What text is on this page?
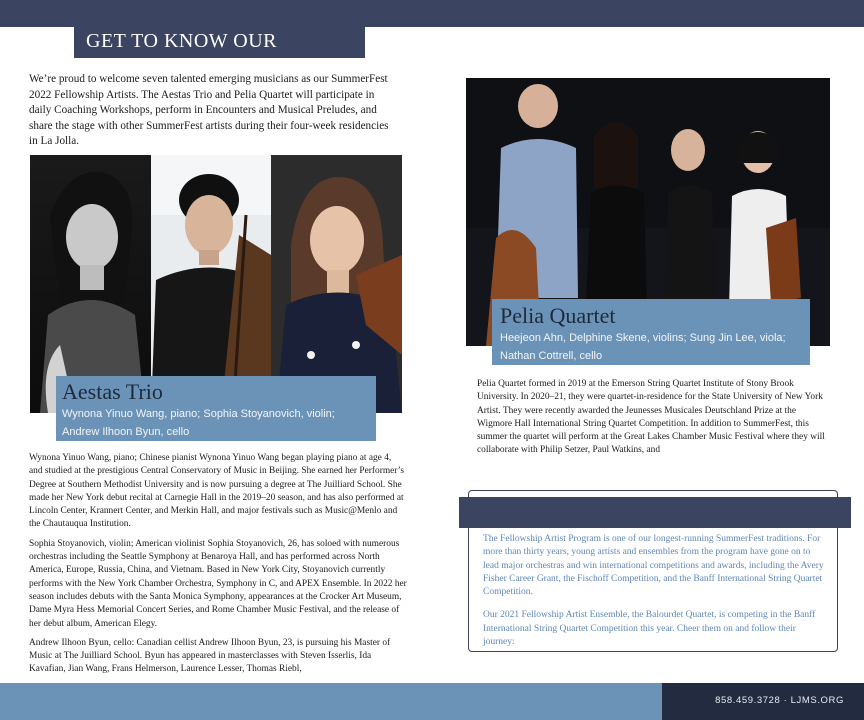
GET TO KNOW OUR
FELLOWSHIP ARTISTS
We’re proud to welcome seven talented emerging musicians as our SummerFest 2022 Fellowship Artists. The Aestas Trio and Pelia Quartet will participate in daily Coaching Workshops, perform in Encounters and Musical Preludes, and share the stage with other SummerFest artists during their four-week residencies in La Jolla.
Aestas Trio
Wynona Yinuo Wang, piano; Sophia Stoyanovich, violin; Andrew Ilhoon Byun, cello

Wynona Yinuo Wang, piano; Chinese pianist Wynona Yinuo Wang began playing piano at age 4, and studied at the prestigious Central Conservatory of Music in Beijing. She earned her Performer’s Degree at Southern Methodist University and is now pursuing a degree at The Juilliard School. She made her New York debut recital at Carnegie Hall in the 2019–20 season, and has also performed at Lincoln Center, Krannert Center, and Merkin Hall, and major festivals such as Music@Menlo and the Chautauqua Institution.

Sophia Stoyanovich, violin; American violinist Sophia Stoyanovich, 26, has soloed with numerous orchestras including the Seattle Symphony at Benaroya Hall, and has performed across North America, Europe, Russia, China, and Vietnam. Based in New York City, Stoyanovich currently performs with the New York Chamber Orchestra, Symphony in C, and APEX Ensemble. In 2022 her season includes debuts with the Santa Monica Symphony, appearances at the Crocker Art Museum, Dame Myra Hess Memorial Concert Series, and Rome Chamber Music Festival, and the release of her debut album, American Elegy.

Andrew Ilhoon Byun, cello: Canadian cellist Andrew Ilhoon Byun, 23, is pursuing his Master of Music at The Juilliard School. Byun has appeared in masterclasses with Steven Isserlis, Ida Kavafian, Jian Wang, Frans Helmerson, Laurence Lesser, Thomas Riebl,

Pelia Quartet
Heejeon Ahn, Delphine Skene, violins; Sung Jin Lee, viola; Nathan Cottrell, cello
Pelia Quartet formed in 2019 at the Emerson String Quartet Institute of Stony Brook University. In 2020–21, they were quartet-in-residence for the State University of New York Artist. They were recently awarded the Jeunesses Musicales Deutschland Prize at the Wigmore Hall International String Quartet Competition. In addition to SummerFest, this summer the quartet will perform at the Great Lakes Chamber Music Festival where they will collaborate with Philip Setzer, Paul Watkins, and

The Fellowship Artist Program is one of our longest-running SummerFest traditions. For more than thirty years, young artists and ensembles from the program have gone on to lead major orchestras and win international competitions and awards, including the Avery Fisher Career Grant, the Fischoff Competition, and the Banff International String Quartet Competition.

Our 2021 Fellowship Artist Ensemble, the Balourdet Quartet, is competing in the Banff International String Quartet Competition this year. Cheer them on and follow their journey:

858.459.3728 · LJMS.ORG
